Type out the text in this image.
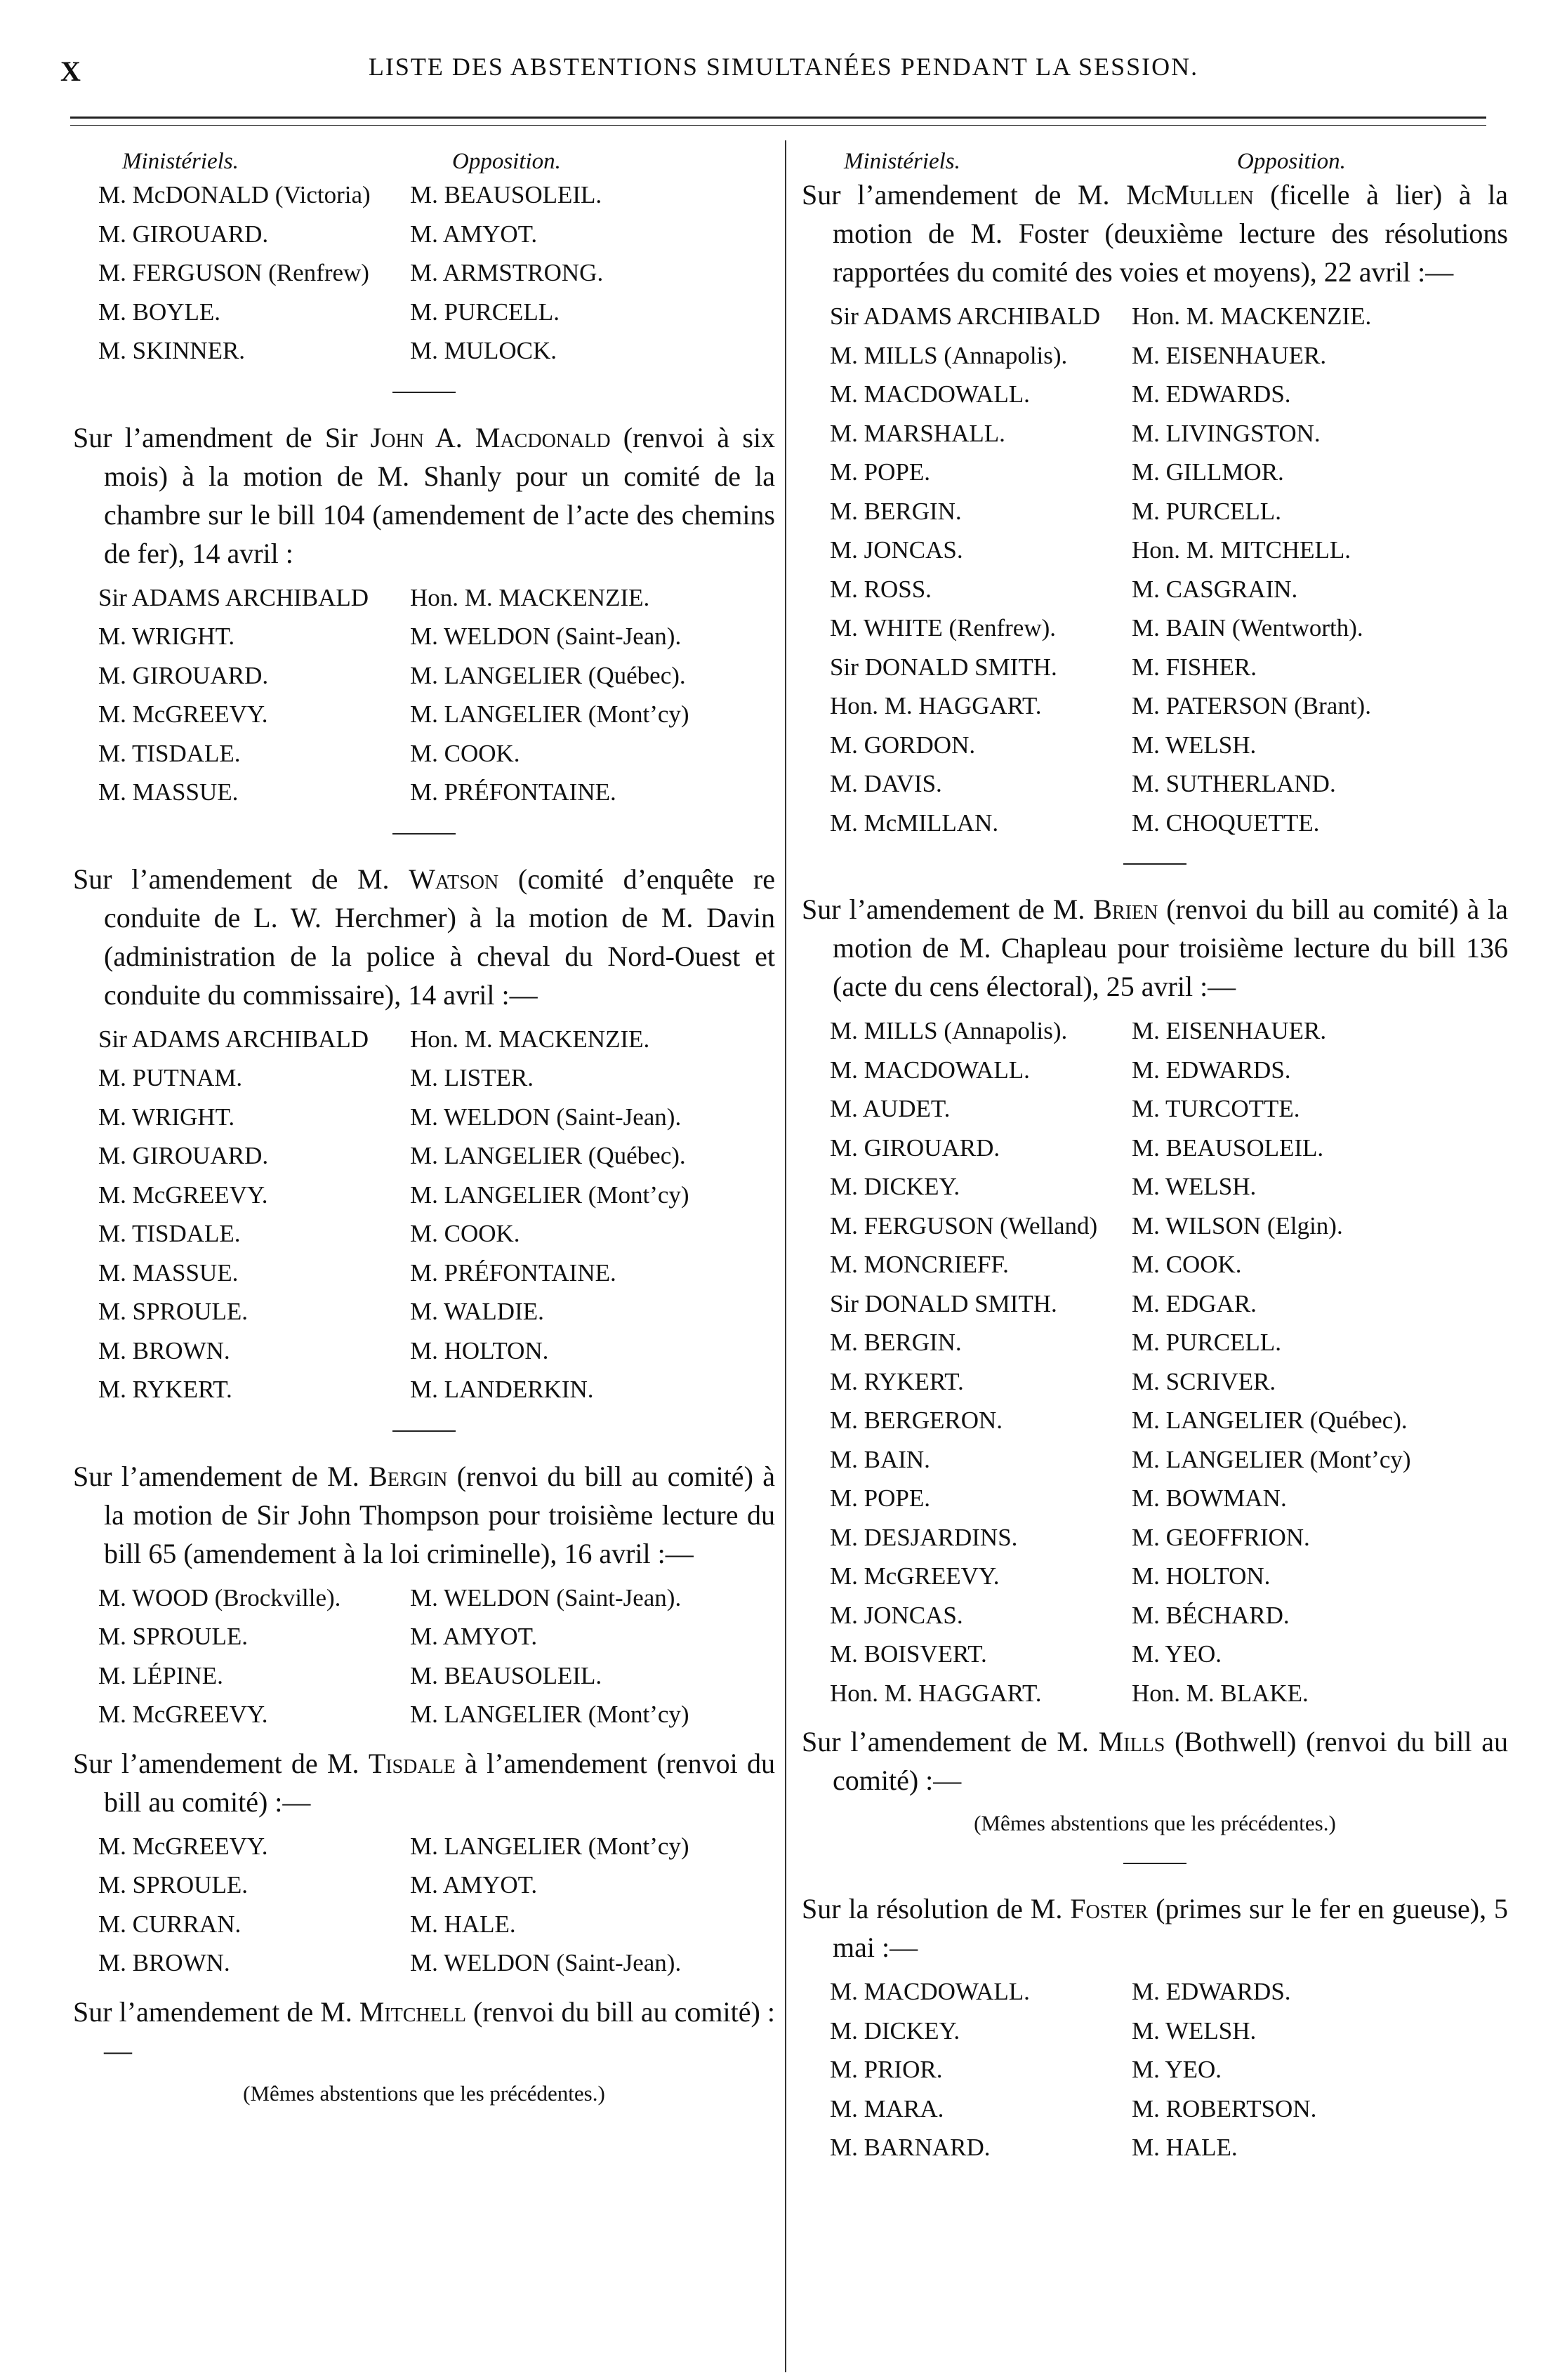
X	LISTE DES ABSTENTIONS SIMULTANÉES PENDANT LA SESSION.
Ministériels.	Opposition.
M. McDONALD (Victoria)	M. BEAUSOLEIL.
M. GIROUARD.	M. AMYOT.
M. FERGUSON (Renfrew)	M. ARMSTRONG.
M. BOYLE.	M. PURCELL.
M. SKINNER.	M. MULOCK.

Sur l’amendment de Sir John A. Macdonald (renvoi à six mois) à la motion de M. Shanly pour un comité de la chambre sur le bill 104 (amendement de l’acte des chemins de fer), 14 avril :

Sir ADAMS ARCHIBALD	Hon. M. MACKENZIE.
M. WRIGHT.	M. WELDON (Saint-Jean).
M. GIROUARD.	M. LANGELIER (Québec).
M. McGREEVY.	M. LANGELIER (Mont’cy)
M. TISDALE.	M. COOK.
M. MASSUE.	M. PRÉFONTAINE.

Sur l’amendement de M. Watson (comité d’enquête re conduite de L. W. Herchmer) à la motion de M. Davin (administration de la police à cheval du Nord-Ouest et conduite du commissaire), 14 avril :—

Sir ADAMS ARCHIBALD	Hon. M. MACKENZIE.
M. PUTNAM.	M. LISTER.
M. WRIGHT.	M. WELDON (Saint-Jean).
M. GIROUARD.	M. LANGELIER (Québec).
M. McGREEVY.	M. LANGELIER (Mont’cy)
M. TISDALE.	M. COOK.
M. MASSUE.	M. PRÉFONTAINE.
M. SPROULE.	M. WALDIE.
M. BROWN.	M. HOLTON.
M. RYKERT.	M. LANDERKIN.

Sur l’amendement de M. Bergin (renvoi du bill au comité) à la motion de Sir John Thompson pour troisième lecture du bill 65 (amendement à la loi criminelle), 16 avril :—

M. WOOD (Brockville).	M. WELDON (Saint-Jean).
M. SPROULE.	M. AMYOT.
M. LÉPINE.	M. BEAUSOLEIL.
M. McGREEVY.	M. LANGELIER (Mont’cy)

Sur l’amendement de M. Tisdale à l’amendement (renvoi du bill au comité) :—

M. McGREEVY.	M. LANGELIER (Mont’cy)
M. SPROULE.	M. AMYOT.
M. CURRAN.	M. HALE.
M. BROWN.	M. WELDON (Saint-Jean).

Sur l’amendement de M. Mitchell (renvoi du bill au comité) :—

(Mêmes abstentions que les précédentes.)
Ministériels.	Opposition.

Sur l’amendement de M. McMullen (ficelle à lier) à la motion de M. Foster (deuxième lecture des résolutions rapportées du comité des voies et moyens), 22 avril :—

Sir ADAMS ARCHIBALD	Hon. M. MACKENZIE.
M. MILLS (Annapolis).	M. EISENHAUER.
M. MACDOWALL.	M. EDWARDS.
M. MARSHALL.	M. LIVINGSTON.
M. POPE.	M. GILLMOR.
M. BERGIN.	M. PURCELL.
M. JONCAS.	Hon. M. MITCHELL.
M. ROSS.	M. CASGRAIN.
M. WHITE (Renfrew).	M. BAIN (Wentworth).
Sir DONALD SMITH.	M. FISHER.
Hon. M. HAGGART.	M. PATERSON (Brant).
M. GORDON.	M. WELSH.
M. DAVIS.	M. SUTHERLAND.
M. McMILLAN.	M. CHOQUETTE.

Sur l’amendement de M. Brien (renvoi du bill au comité) à la motion de M. Chapleau pour troisième lecture du bill 136 (acte du cens électoral), 25 avril :—

M. MILLS (Annapolis).	M. EISENHAUER.
M. MACDOWALL.	M. EDWARDS.
M. AUDET.	M. TURCOTTE.
M. GIROUARD.	M. BEAUSOLEIL.
M. DICKEY.	M. WELSH.
M. FERGUSON (Welland)	M. WILSON (Elgin).
M. MONCRIEFF.	M. COOK.
Sir DONALD SMITH.	M. EDGAR.
M. BERGIN.	M. PURCELL.
M. RYKERT.	M. SCRIVER.
M. BERGERON.	M. LANGELIER (Québec).
M. BAIN.	M. LANGELIER (Mont’cy)
M. POPE.	M. BOWMAN.
M. DESJARDINS.	M. GEOFFRION.
M. McGREEVY.	M. HOLTON.
M. JONCAS.	M. BÉCHARD.
M. BOISVERT.	M. YEO.
Hon. M. HAGGART.	Hon. M. BLAKE.

Sur l’amendement de M. Mills (Bothwell) (renvoi du bill au comité) :—

(Mêmes abstentions que les précédentes.)

Sur la résolution de M. Foster (primes sur le fer en gueuse), 5 mai :—

M. MACDOWALL.	M. EDWARDS.
M. DICKEY.	M. WELSH.
M. PRIOR.	M. YEO.
M. MARA.	M. ROBERTSON.
M. BARNARD.	M. HALE.
